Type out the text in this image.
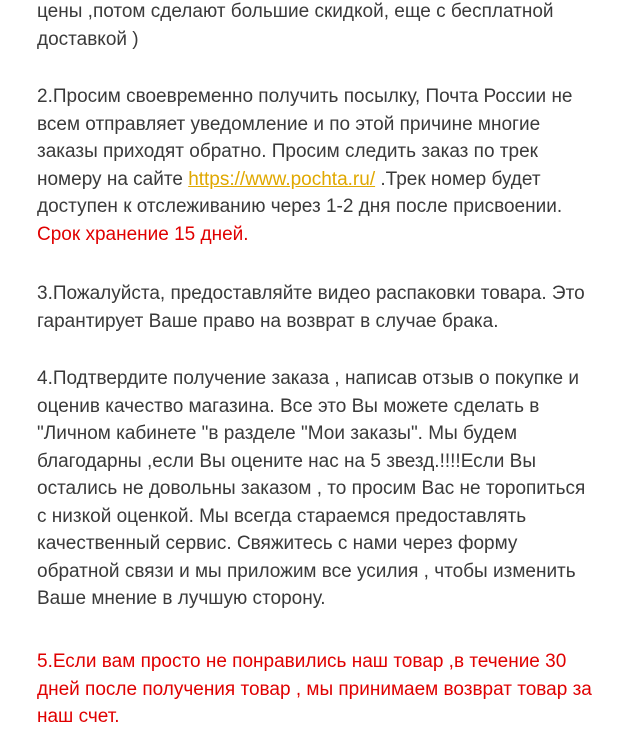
цены ,потом сделают большие скидкой, еще с бесплатной
доставкой )

2.Просим своевременно получить посылку, Почта России не
всем отправляет уведомление и по этой причине многие
заказы приходят обратно. Просим следить заказ по трек
номеру на сайте https://www.pochta.ru/ .Трек номер будет
доступен к отслеживанию через 1-2 дня после присвоении.
Срок хранение 15 дней.

3.Пожалуйста, предоставляйте видео распаковки товара. Это
гарантирует Ваше право на возврат в случае брака.

4.Подтвердите получение заказа , написав отзыв о покупке и
оценив качество магазина. Все это Вы можете сделать в
"Личном кабинете "в разделе "Мои заказы". Мы будем
благодарны ,если Вы оцените нас на 5 звезд.!!!!Если Вы
остались не довольны заказом , то просим Вас не торопиться
с низкой оценкой. Мы всегда стараемся предоставлять
качественный сервис. Свяжитесь с нами через форму
обратной связи и мы приложим все усилия , чтобы изменить
Ваше мнение в лучшую сторону.

5.Если вам просто не понравились наш товар ,в течение 30
дней после получения товар , мы принимаем возврат товар за
наш счет.
